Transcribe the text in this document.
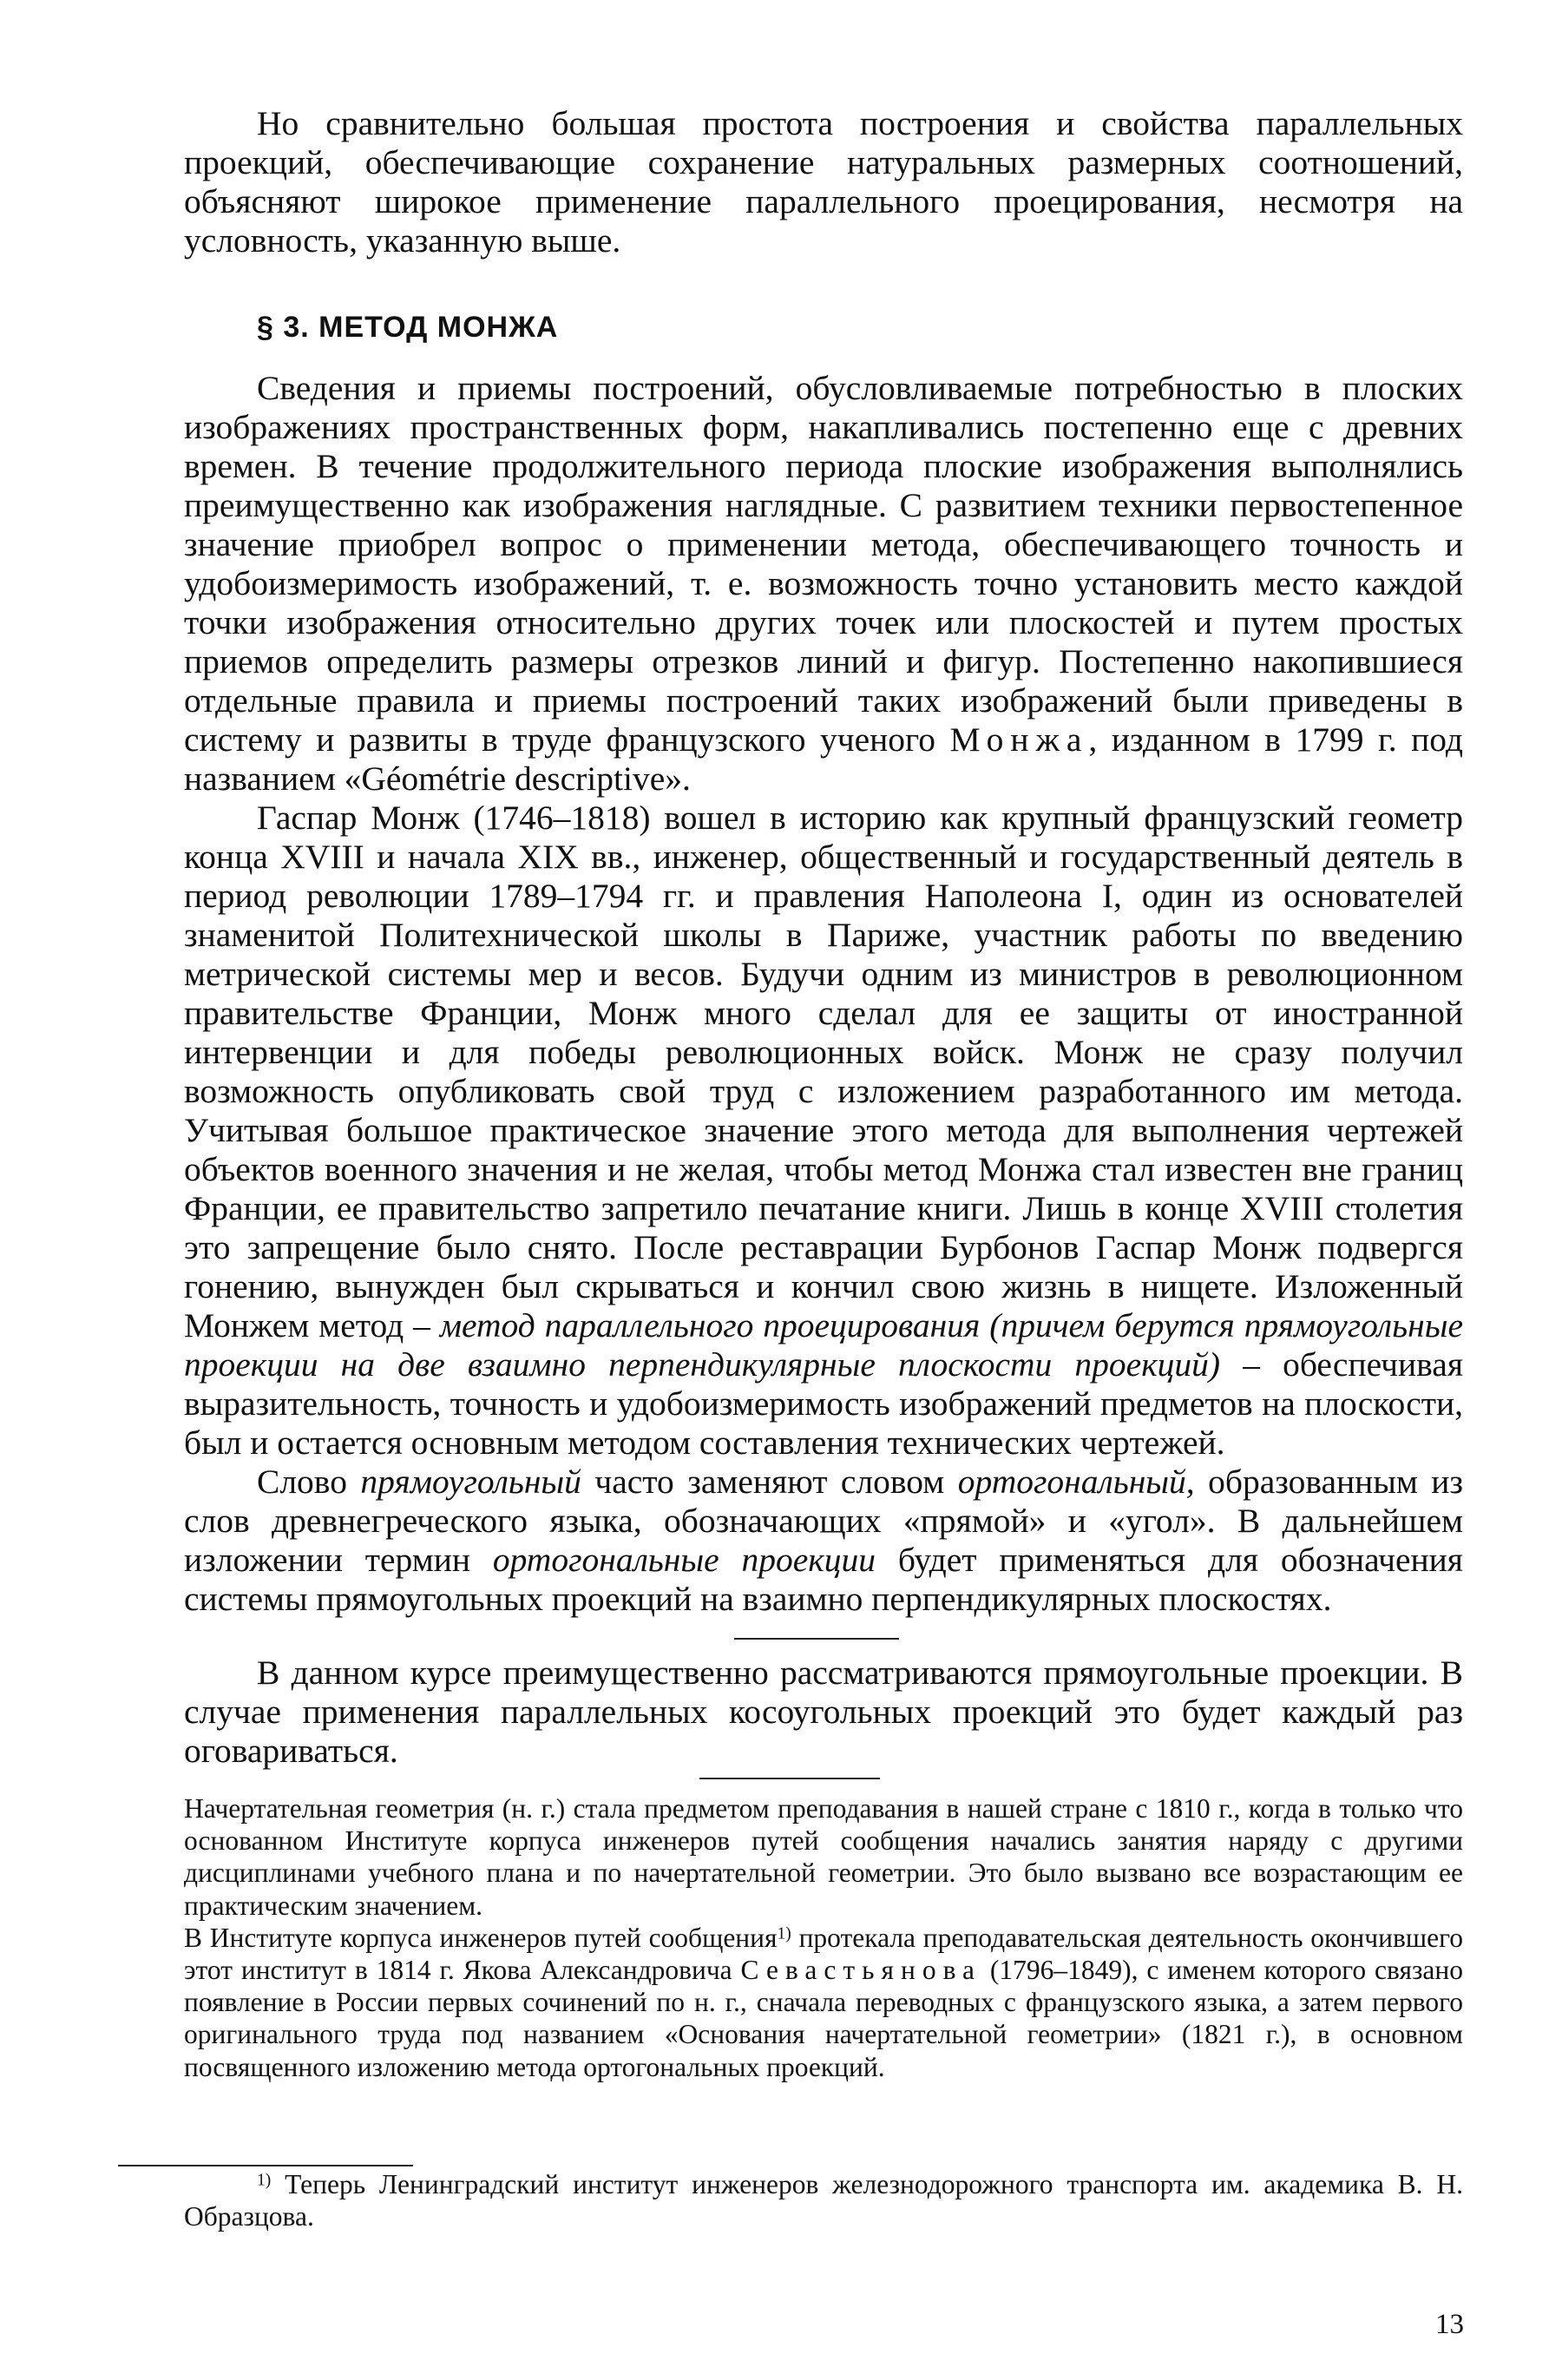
Но сравнительно большая простота построения и свойства параллельных проекций, обеспечивающие сохранение натуральных размерных соотношений, объясняют широкое применение параллельного проецирования, несмотря на условность, указанную выше.

§ 3. МЕТОД МОНЖА

Сведения и приемы построений, обусловливаемые потребностью в плоских изображениях пространственных форм, накапливались постепенно еще с древних времен. В течение продолжительного периода плоские изображения выполнялись преимущественно как изображения наглядные. С развитием техники первостепенное значение приобрел вопрос о применении метода, обеспечивающего точность и удобоизмеримость изображений, т. е. возможность точно установить место каждой точки изображения относительно других точек или плоскостей и путем простых приемов определить размеры отрезков линий и фигур. Постепенно накопившиеся отдельные правила и приемы построений таких изображений были приведены в систему и развиты в труде французского ученого Монжа, изданном в 1799 г. под названием «Géométrie descriptive».

Гаспар Монж (1746–1818) вошел в историю как крупный французский геометр конца XVIII и начала XIX вв., инженер, общественный и государственный деятель в период революции 1789–1794 гг. и правления Наполеона I, один из основателей знаменитой Политехнической школы в Париже, участник работы по введению метрической системы мер и весов. Будучи одним из министров в революционном правительстве Франции, Монж много сделал для ее защиты от иностранной интервенции и для победы революционных войск. Монж не сразу получил возможность опубликовать свой труд с изложением разработанного им метода. Учитывая большое практическое значение этого метода для выполнения чертежей объектов военного значения и не желая, чтобы метод Монжа стал известен вне границ Франции, ее правительство запретило печатание книги. Лишь в конце XVIII столетия это запрещение было снято. После реставрации Бурбонов Гаспар Монж подвергся гонению, вынужден был скрываться и кончил свою жизнь в нищете. Изложенный Монжем метод – метод параллельного проецирования (причем берутся прямоугольные проекции на две взаимно перпендикулярные плоскости проекций) – обеспечивая выразительность, точность и удобоизмеримость изображений предметов на плоскости, был и остается основным методом составления технических чертежей.

Слово прямоугольный часто заменяют словом ортогональный, образованным из слов древнегреческого языка, обозначающих «прямой» и «угол». В дальнейшем изложении термин ортогональные проекции будет применяться для обозначения системы прямоугольных проекций на взаимно перпендикулярных плоскостях.

В данном курсе преимущественно рассматриваются прямоугольные проекции. В случае применения параллельных косоугольных проекций это будет каждый раз оговариваться.

Начертательная геометрия (н. г.) стала предметом преподавания в нашей стране с 1810 г., когда в только что основанном Институте корпуса инженеров путей сообщения начались занятия наряду с другими дисциплинами учебного плана и по начертательной геометрии. Это было вызвано все возрастающим ее практическим значением.

В Институте корпуса инженеров путей сообщения$^{1)}$ протекала преподавательская деятельность окончившего этот институт в 1814 г. Якова Александровича Севастьянова (1796–1849), с именем которого связано появление в России первых сочинений по н. г., сначала переводных с французского языка, а затем первого оригинального труда под названием «Основания начертательной геометрии» (1821 г.), в основном посвященного изложению метода ортогональных проекций.

$^{1)}$ Теперь Ленинградский институт инженеров железнодорожного транспорта им. академика В. Н. Образцова.

13
